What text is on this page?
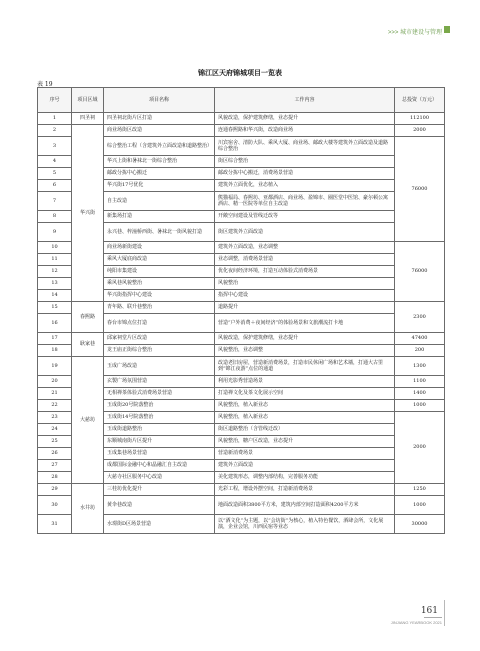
>>> 城市建设与管理
锦江区天府锦城项目一览表
表 19
序号	项目区域	项目名称	工作内容	总投资（万元）
1	四圣祠	四圣祠北街片区打造	风貌改造，保护建筑修缮，业态提升	112100
2	华兴街	商业场街区改造	连通春熙路和华兴街，改造商业场	2000
3		综合整治工程（含建筑外立面改造和道路整治）	川宾宿舍、清防大队、乘风大厦、商业场、邮政大楼等建筑外立面改造及道路综合整治	76000
4		华兴上街和暑袜北一街综合整治	街区综合整治	
5		邮政分拣中心搬迁	邮政分拣中心搬迁，消费场景营造	
6		华兴街17号优化	建筑外立面优化，业态植入	
7		自主改造	熊猫福局、春熙坊、亚都酒店、商业场、盈锦市、圈医堂中医馆、豪尔顿公寓酒店、精一医院等单位自主改造	
8		新集场打造	开敞空间建设及管线迁改等	
9		永兴巷、梓潼桥西街、暑袜北一街风貌打造	街区建筑外立面改造	
10		商业场新街建设	建筑外立面改造，业态调整	76000
11		乘风大厦底商改造	业态调整，消费场景营造	
12		纯阳市集建设	优化夜间经济环境，打造互动体验式消费场景	
13		乘风巷风貌整治	风貌整治	
14		华兴街指挥中心建设	指挥中心建设	
15	春熙路	青年路、联升巷整治	道路提升	2300
16		春台市锦点位打造	营造“户外消费＋夜间经济”的体验场景和文旅潮流打卡地	
17	耿家巷	邱家祠堂片区改造	风貌改造，保护建筑修缮，业态提升	47400
18		龙王庙正街综合整治	风貌整治，业态调整	200
19	大慈坊	玉成广场改造	改造老旧房屋，营造新消费场景，打造市民休闲广场和艺术墙，打通大古里到“锦江夜游”点位的通道	1300
20		玄製广场氛围营造	利用光影秀营造场景	1100
21		无相禅茶体验式消费场景营造	打造禅文化及茶文化展示空间	1400
22		玉成街20号院落整治	风貌整治，植入新业态	1000
23		玉成街14号院落整治	风貌整治，植入新业态	2000
24		玉成街道路整治	街区道路整治（含管线迁改）	
25		东顺城南街片区提升	风貌整治，糖户区改造，业态提升	
26		玉成集巷场景营造	营造新消费场景	
27		成都国际金融中心和晶融汇自主改造	建筑外立面改造	
28		大慈寺社区服务中心改造	美化建筑形态，调整内部结构，完善服务功能	
29	水井坊	三桂坊优化提升	光彩工程，增设外摆空间，打造新消费场景	1250
30		黄伞巷改造	地面改造面积3800平方米，建筑内部空间打造面积4200平方米	1000
31		水璟街D区场景营造	以“酒文化”为主题，以“会坊街”为核心，植入特色餐饮，酒肆会所，文化展演，企业会馆，川西民宿等业态	30000
161
JINJIANG YEARBOOK 2021
